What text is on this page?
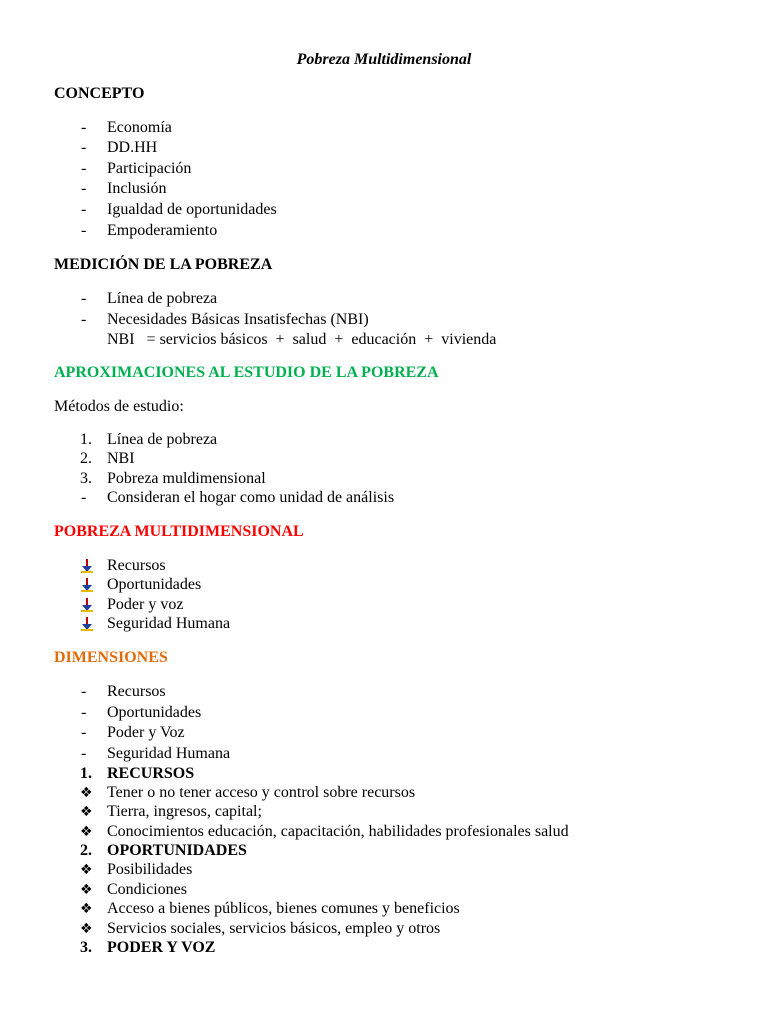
Pobreza Multidimensional
CONCEPTO
- Economía
- DD.HH
- Participación
- Inclusión
- Igualdad de oportunidades
- Empoderamiento
MEDICIÓN DE LA POBREZA
- Línea de pobreza
- Necesidades Básicas Insatisfechas (NBI)
NBI   = servicios básicos  +  salud  +  educación  +  vivienda
APROXIMACIONES AL ESTUDIO DE LA POBREZA
Métodos de estudio:
1. Línea de pobreza
2. NBI
3. Pobreza muldimensional
- Consideran el hogar como unidad de análisis
POBREZA MULTIDIMENSIONAL
Recursos
Oportunidades
Poder y voz
Seguridad Humana
DIMENSIONES
- Recursos
- Oportunidades
- Poder y Voz
- Seguridad Humana
1. RECURSOS
❖ Tener o no tener acceso y control sobre recursos
❖ Tierra, ingresos, capital;
❖ Conocimientos educación, capacitación, habilidades profesionales salud
2. OPORTUNIDADES
❖ Posibilidades
❖ Condiciones
❖ Acceso a bienes públicos, bienes comunes y beneficios
❖ Servicios sociales, servicios básicos, empleo y otros
3. PODER Y VOZ
